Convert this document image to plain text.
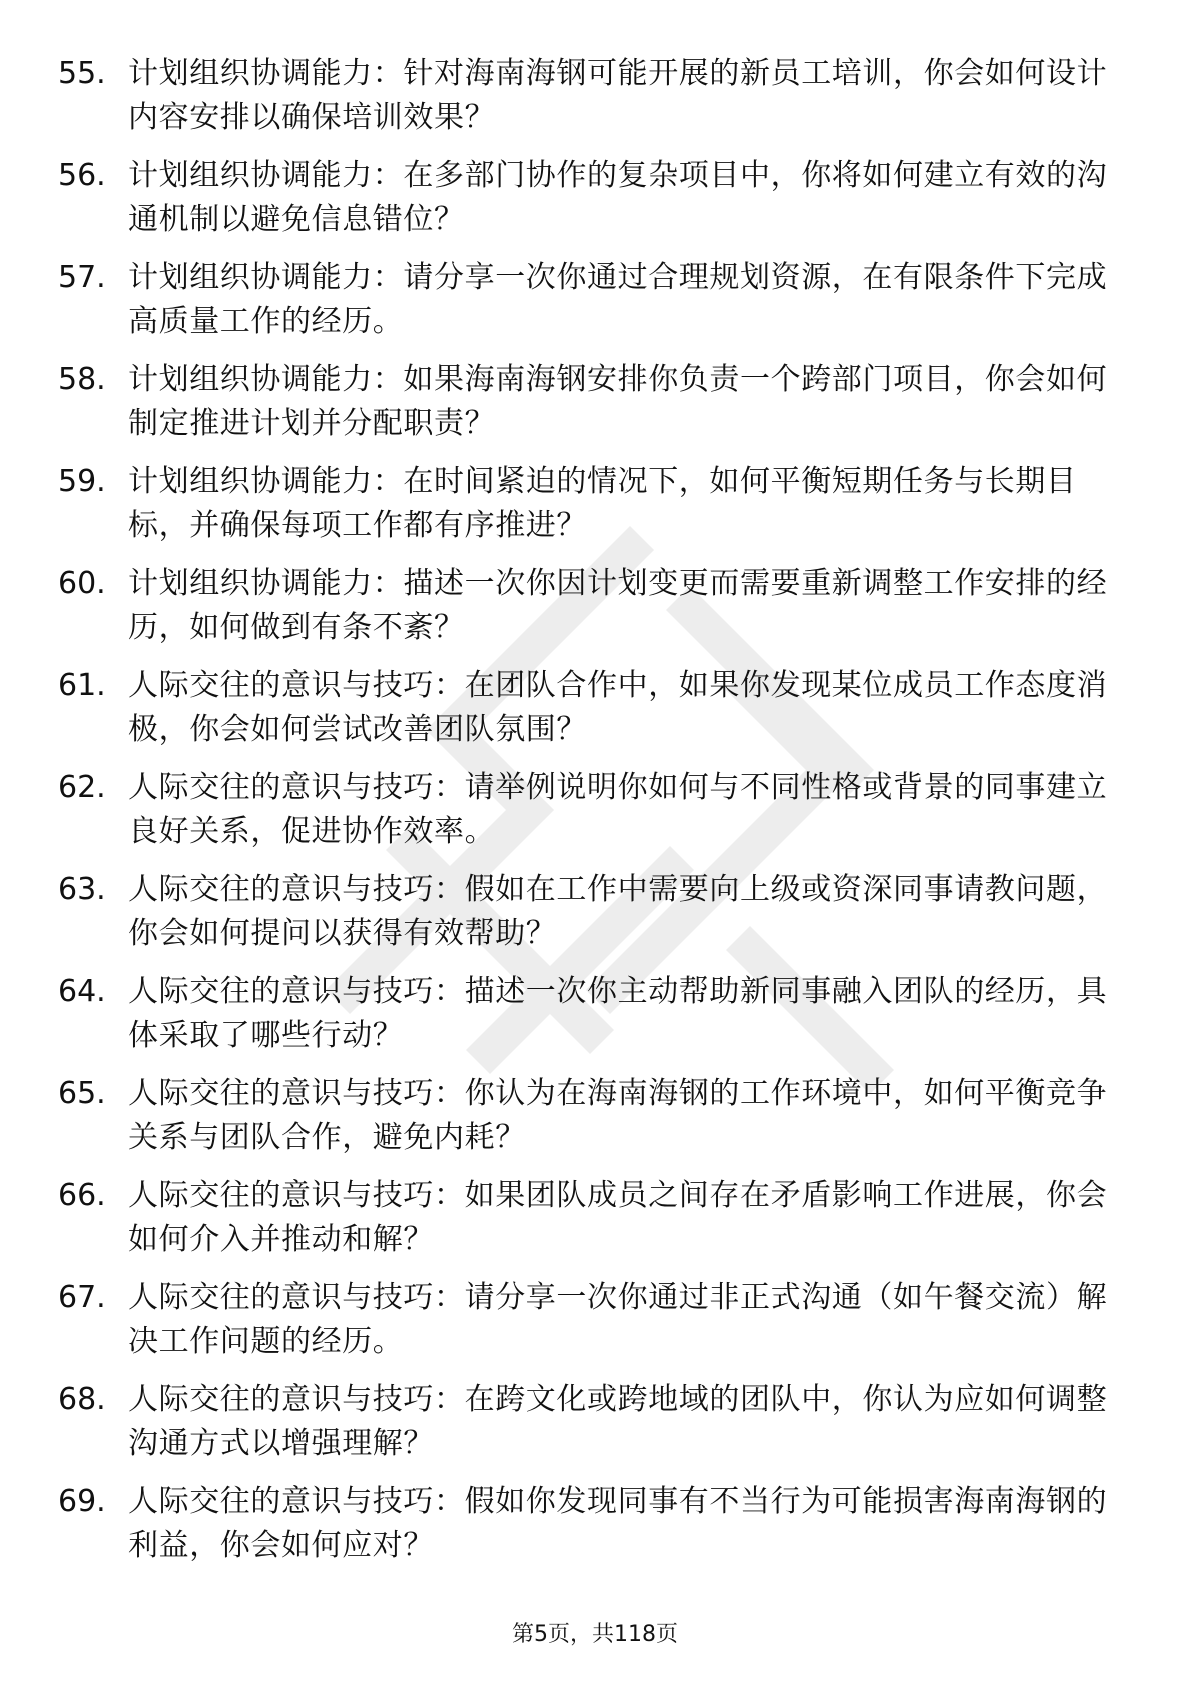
55. 计划组织协调能力：针对海南海钢可能开展的新员工培训，你会如何设计内容安排以确保培训效果？
56. 计划组织协调能力：在多部门协作的复杂项目中，你将如何建立有效的沟通机制以避免信息错位？
57. 计划组织协调能力：请分享一次你通过合理规划资源，在有限条件下完成高质量工作的经历。
58. 计划组织协调能力：如果海南海钢安排你负责一个跨部门项目，你会如何制定推进计划并分配职责？
59. 计划组织协调能力：在时间紧迫的情况下，如何平衡短期任务与长期目标，并确保每项工作都有序推进？
60. 计划组织协调能力：描述一次你因计划变更而需要重新调整工作安排的经历，如何做到有条不紊？
61. 人际交往的意识与技巧：在团队合作中，如果你发现某位成员工作态度消极，你会如何尝试改善团队氛围？
62. 人际交往的意识与技巧：请举例说明你如何与不同性格或背景的同事建立良好关系，促进协作效率。
63. 人际交往的意识与技巧：假如在工作中需要向上级或资深同事请教问题，你会如何提问以获得有效帮助？
64. 人际交往的意识与技巧：描述一次你主动帮助新同事融入团队的经历，具体采取了哪些行动？
65. 人际交往的意识与技巧：你认为在海南海钢的工作环境中，如何平衡竞争关系与团队合作，避免内耗？
66. 人际交往的意识与技巧：如果团队成员之间存在矛盾影响工作进展，你会如何介入并推动和解？
67. 人际交往的意识与技巧：请分享一次你通过非正式沟通（如午餐交流）解决工作问题的经历。
68. 人际交往的意识与技巧：在跨文化或跨地域的团队中，你认为应如何调整沟通方式以增强理解？
69. 人际交往的意识与技巧：假如你发现同事有不当行为可能损害海南海钢的利益，你会如何应对？
第5页，共118页
